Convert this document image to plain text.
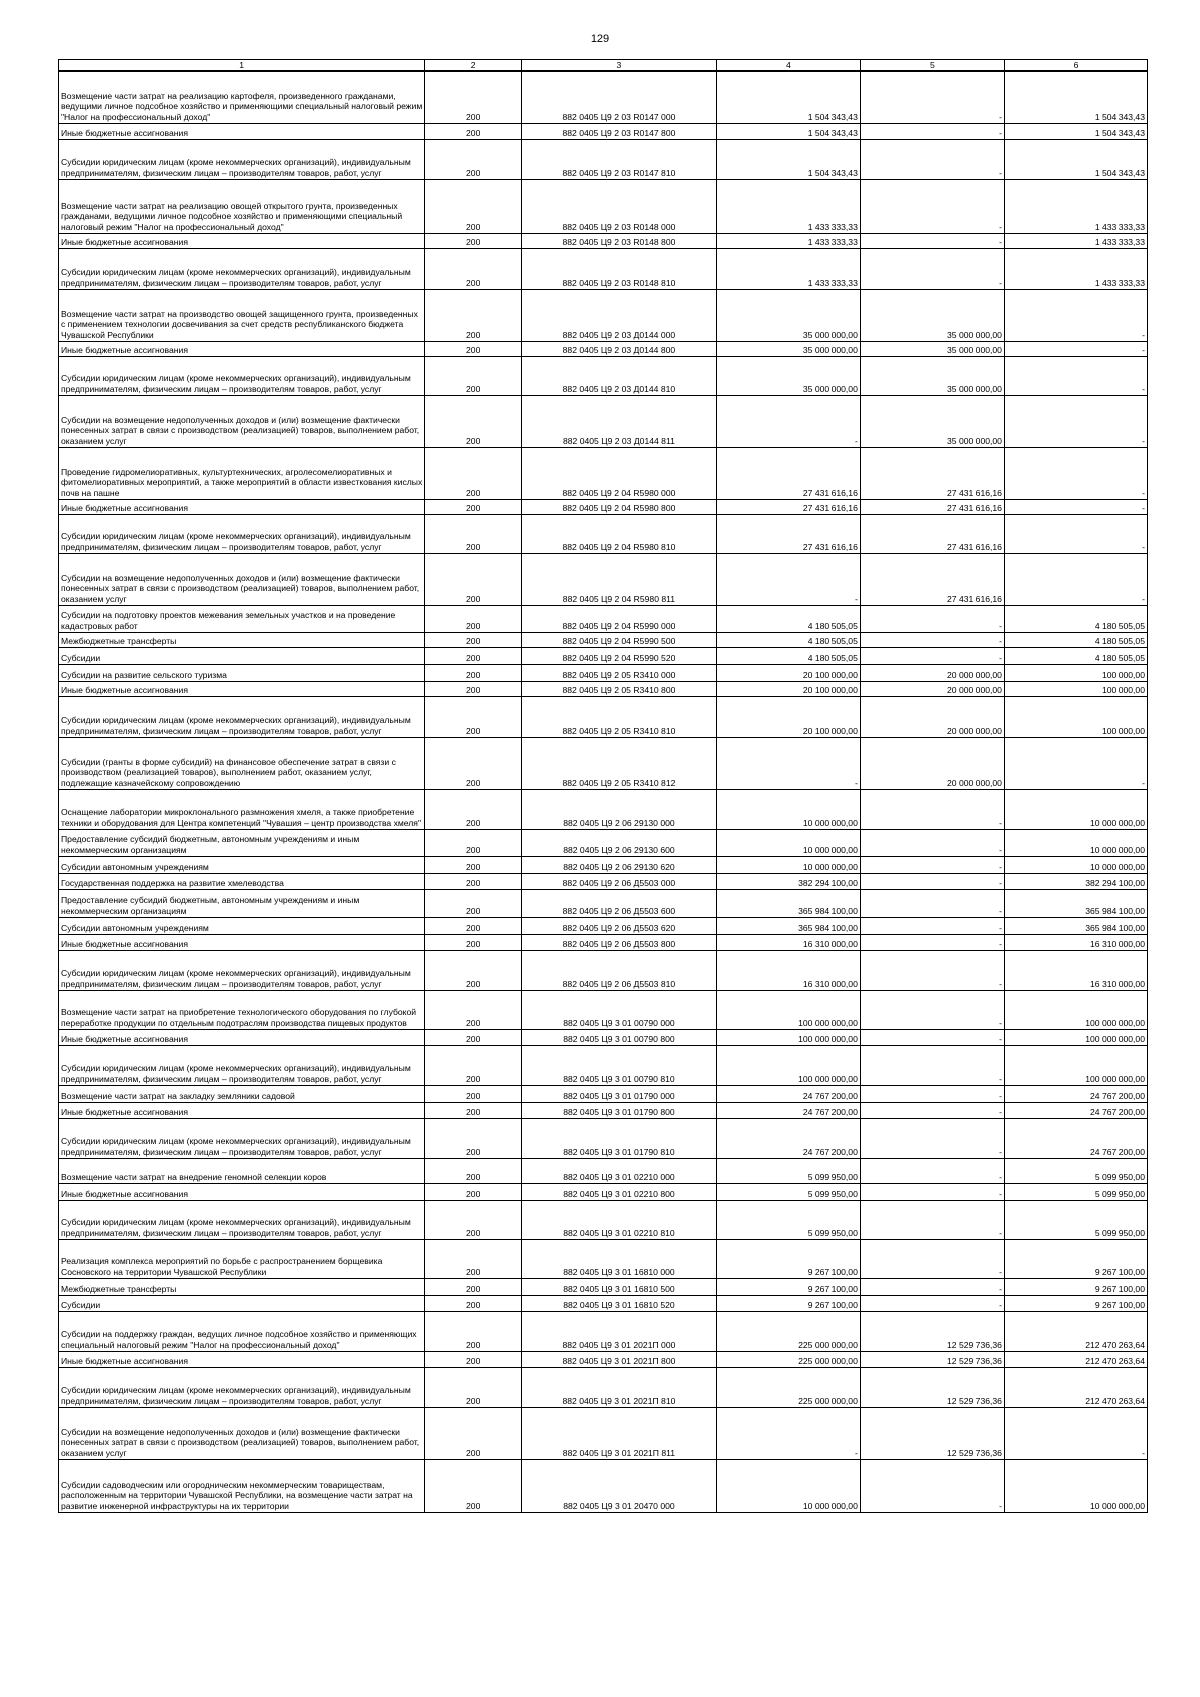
129
1	2	3	4	5	6
Возмещение части затрат на реализацию картофеля, произведенного гражданами, ведущими личное подсобное хозяйство и применяющими специальный налоговый режим "Налог на профессиональный доход"	200	882 0405 Ц9 2 03 R0147 000	1 504 343,43	-	1 504 343,43
Иные бюджетные ассигнования	200	882 0405 Ц9 2 03 R0147 800	1 504 343,43	-	1 504 343,43
Субсидии юридическим лицам (кроме некоммерческих организаций), индивидуальным предпринимателям, физическим лицам – производителям товаров, работ, услуг	200	882 0405 Ц9 2 03 R0147 810	1 504 343,43	-	1 504 343,43
Возмещение части затрат на реализацию овощей открытого грунта, произведенных гражданами, ведущими личное подсобное хозяйство и применяющими специальный налоговый режим "Налог на профессиональный доход"	200	882 0405 Ц9 2 03 R0148 000	1 433 333,33	-	1 433 333,33
Иные бюджетные ассигнования	200	882 0405 Ц9 2 03 R0148 800	1 433 333,33	-	1 433 333,33
Субсидии юридическим лицам (кроме некоммерческих организаций), индивидуальным предпринимателям, физическим лицам – производителям товаров, работ, услуг	200	882 0405 Ц9 2 03 R0148 810	1 433 333,33	-	1 433 333,33
Возмещение части затрат на производство овощей защищенного грунта, произведенных с применением технологии досвечивания за счет средств республиканского бюджета Чувашской Республики	200	882 0405 Ц9 2 03 Д0144 000	35 000 000,00	35 000 000,00	-
Иные бюджетные ассигнования	200	882 0405 Ц9 2 03 Д0144 800	35 000 000,00	35 000 000,00	-
Субсидии юридическим лицам (кроме некоммерческих организаций), индивидуальным предпринимателям, физическим лицам – производителям товаров, работ, услуг	200	882 0405 Ц9 2 03 Д0144 810	35 000 000,00	35 000 000,00	-
Субсидии на возмещение недополученных доходов и (или) возмещение фактически понесенных затрат в связи с производством (реализацией) товаров, выполнением работ, оказанием услуг	200	882 0405 Ц9 2 03 Д0144 811	-	35 000 000,00	-
Проведение гидромелиоративных, культуртехнических, агролесомелиоративных и фитомелиоративных мероприятий, а также мероприятий в области известкования кислых почв на пашне	200	882 0405 Ц9 2 04 R5980 000	27 431 616,16	27 431 616,16	-
Иные бюджетные ассигнования	200	882 0405 Ц9 2 04 R5980 800	27 431 616,16	27 431 616,16	-
Субсидии юридическим лицам (кроме некоммерческих организаций), индивидуальным предпринимателям, физическим лицам – производителям товаров, работ, услуг	200	882 0405 Ц9 2 04 R5980 810	27 431 616,16	27 431 616,16	-
Субсидии на возмещение недополученных доходов и (или) возмещение фактически понесенных затрат в связи с производством (реализацией) товаров, выполнением работ, оказанием услуг	200	882 0405 Ц9 2 04 R5980 811	-	27 431 616,16	-
Субсидии на подготовку проектов межевания земельных участков и на проведение кадастровых работ	200	882 0405 Ц9 2 04 R5990 000	4 180 505,05	-	4 180 505,05
Межбюджетные трансферты	200	882 0405 Ц9 2 04 R5990 500	4 180 505,05	-	4 180 505,05
Субсидии	200	882 0405 Ц9 2 04 R5990 520	4 180 505,05	-	4 180 505,05
Субсидии на развитие сельского туризма	200	882 0405 Ц9 2 05 R3410 000	20 100 000,00	20 000 000,00	100 000,00
Иные бюджетные ассигнования	200	882 0405 Ц9 2 05 R3410 800	20 100 000,00	20 000 000,00	100 000,00
Субсидии юридическим лицам (кроме некоммерческих организаций), индивидуальным предпринимателям, физическим лицам – производителям товаров, работ, услуг	200	882 0405 Ц9 2 05 R3410 810	20 100 000,00	20 000 000,00	100 000,00
Субсидии (гранты в форме субсидий) на финансовое обеспечение затрат в связи с производством (реализацией товаров), выполнением работ, оказанием услуг, подлежащие казначейскому сопровождению	200	882 0405 Ц9 2 05 R3410 812	-	20 000 000,00	-
Оснащение лаборатории микроклонального размножения хмеля, а также приобретение техники и оборудования для Центра компетенций "Чувашия – центр производства хмеля"	200	882 0405 Ц9 2 06 29130 000	10 000 000,00	-	10 000 000,00
Предоставление субсидий бюджетным, автономным учреждениям и иным некоммерческим организациям	200	882 0405 Ц9 2 06 29130 600	10 000 000,00	-	10 000 000,00
Субсидии автономным учреждениям	200	882 0405 Ц9 2 06 29130 620	10 000 000,00	-	10 000 000,00
Государственная поддержка на развитие хмелеводства	200	882 0405 Ц9 2 06 Д5503 000	382 294 100,00	-	382 294 100,00
Предоставление субсидий бюджетным, автономным учреждениям и иным некоммерческим организациям	200	882 0405 Ц9 2 06 Д5503 600	365 984 100,00	-	365 984 100,00
Субсидии автономным учреждениям	200	882 0405 Ц9 2 06 Д5503 620	365 984 100,00	-	365 984 100,00
Иные бюджетные ассигнования	200	882 0405 Ц9 2 06 Д5503 800	16 310 000,00	-	16 310 000,00
Субсидии юридическим лицам (кроме некоммерческих организаций), индивидуальным предпринимателям, физическим лицам – производителям товаров, работ, услуг	200	882 0405 Ц9 2 06 Д5503 810	16 310 000,00	-	16 310 000,00
Возмещение части затрат на приобретение технологического оборудования по глубокой переработке продукции по отдельным подотраслям производства пищевых продуктов	200	882 0405 Ц9 3 01 00790 000	100 000 000,00	-	100 000 000,00
Иные бюджетные ассигнования	200	882 0405 Ц9 3 01 00790 800	100 000 000,00	-	100 000 000,00
Субсидии юридическим лицам (кроме некоммерческих организаций), индивидуальным предпринимателям, физическим лицам – производителям товаров, работ, услуг	200	882 0405 Ц9 3 01 00790 810	100 000 000,00	-	100 000 000,00
Возмещение части затрат на закладку земляники садовой	200	882 0405 Ц9 3 01 01790 000	24 767 200,00	-	24 767 200,00
Иные бюджетные ассигнования	200	882 0405 Ц9 3 01 01790 800	24 767 200,00	-	24 767 200,00
Субсидии юридическим лицам (кроме некоммерческих организаций), индивидуальным предпринимателям, физическим лицам – производителям товаров, работ, услуг	200	882 0405 Ц9 3 01 01790 810	24 767 200,00	-	24 767 200,00
Возмещение части затрат на внедрение геномной селекции коров	200	882 0405 Ц9 3 01 02210 000	5 099 950,00	-	5 099 950,00
Иные бюджетные ассигнования	200	882 0405 Ц9 3 01 02210 800	5 099 950,00	-	5 099 950,00
Субсидии юридическим лицам (кроме некоммерческих организаций), индивидуальным предпринимателям, физическим лицам – производителям товаров, работ, услуг	200	882 0405 Ц9 3 01 02210 810	5 099 950,00	-	5 099 950,00
Реализация комплекса мероприятий по борьбе с распространением борщевика Сосновского на территории Чувашской Республики	200	882 0405 Ц9 3 01 16810 000	9 267 100,00	-	9 267 100,00
Межбюджетные трансферты	200	882 0405 Ц9 3 01 16810 500	9 267 100,00	-	9 267 100,00
Субсидии	200	882 0405 Ц9 3 01 16810 520	9 267 100,00	-	9 267 100,00
Субсидии на поддержку граждан, ведущих личное подсобное хозяйство и применяющих специальный налоговый режим "Налог на профессиональный доход"	200	882 0405 Ц9 3 01 2021П 000	225 000 000,00	12 529 736,36	212 470 263,64
Иные бюджетные ассигнования	200	882 0405 Ц9 3 01 2021П 800	225 000 000,00	12 529 736,36	212 470 263,64
Субсидии юридическим лицам (кроме некоммерческих организаций), индивидуальным предпринимателям, физическим лицам – производителям товаров, работ, услуг	200	882 0405 Ц9 3 01 2021П 810	225 000 000,00	12 529 736,36	212 470 263,64
Субсидии на возмещение недополученных доходов и (или) возмещение фактически понесенных затрат в связи с производством (реализацией) товаров, выполнением работ, оказанием услуг	200	882 0405 Ц9 3 01 2021П 811	-	12 529 736,36	-
Субсидии садоводческим или огородническим некоммерческим товариществам, расположенным на территории Чувашской Республики, на возмещение части затрат на развитие инженерной инфраструктуры на их территории	200	882 0405 Ц9 3 01 20470 000	10 000 000,00	-	10 000 000,00
